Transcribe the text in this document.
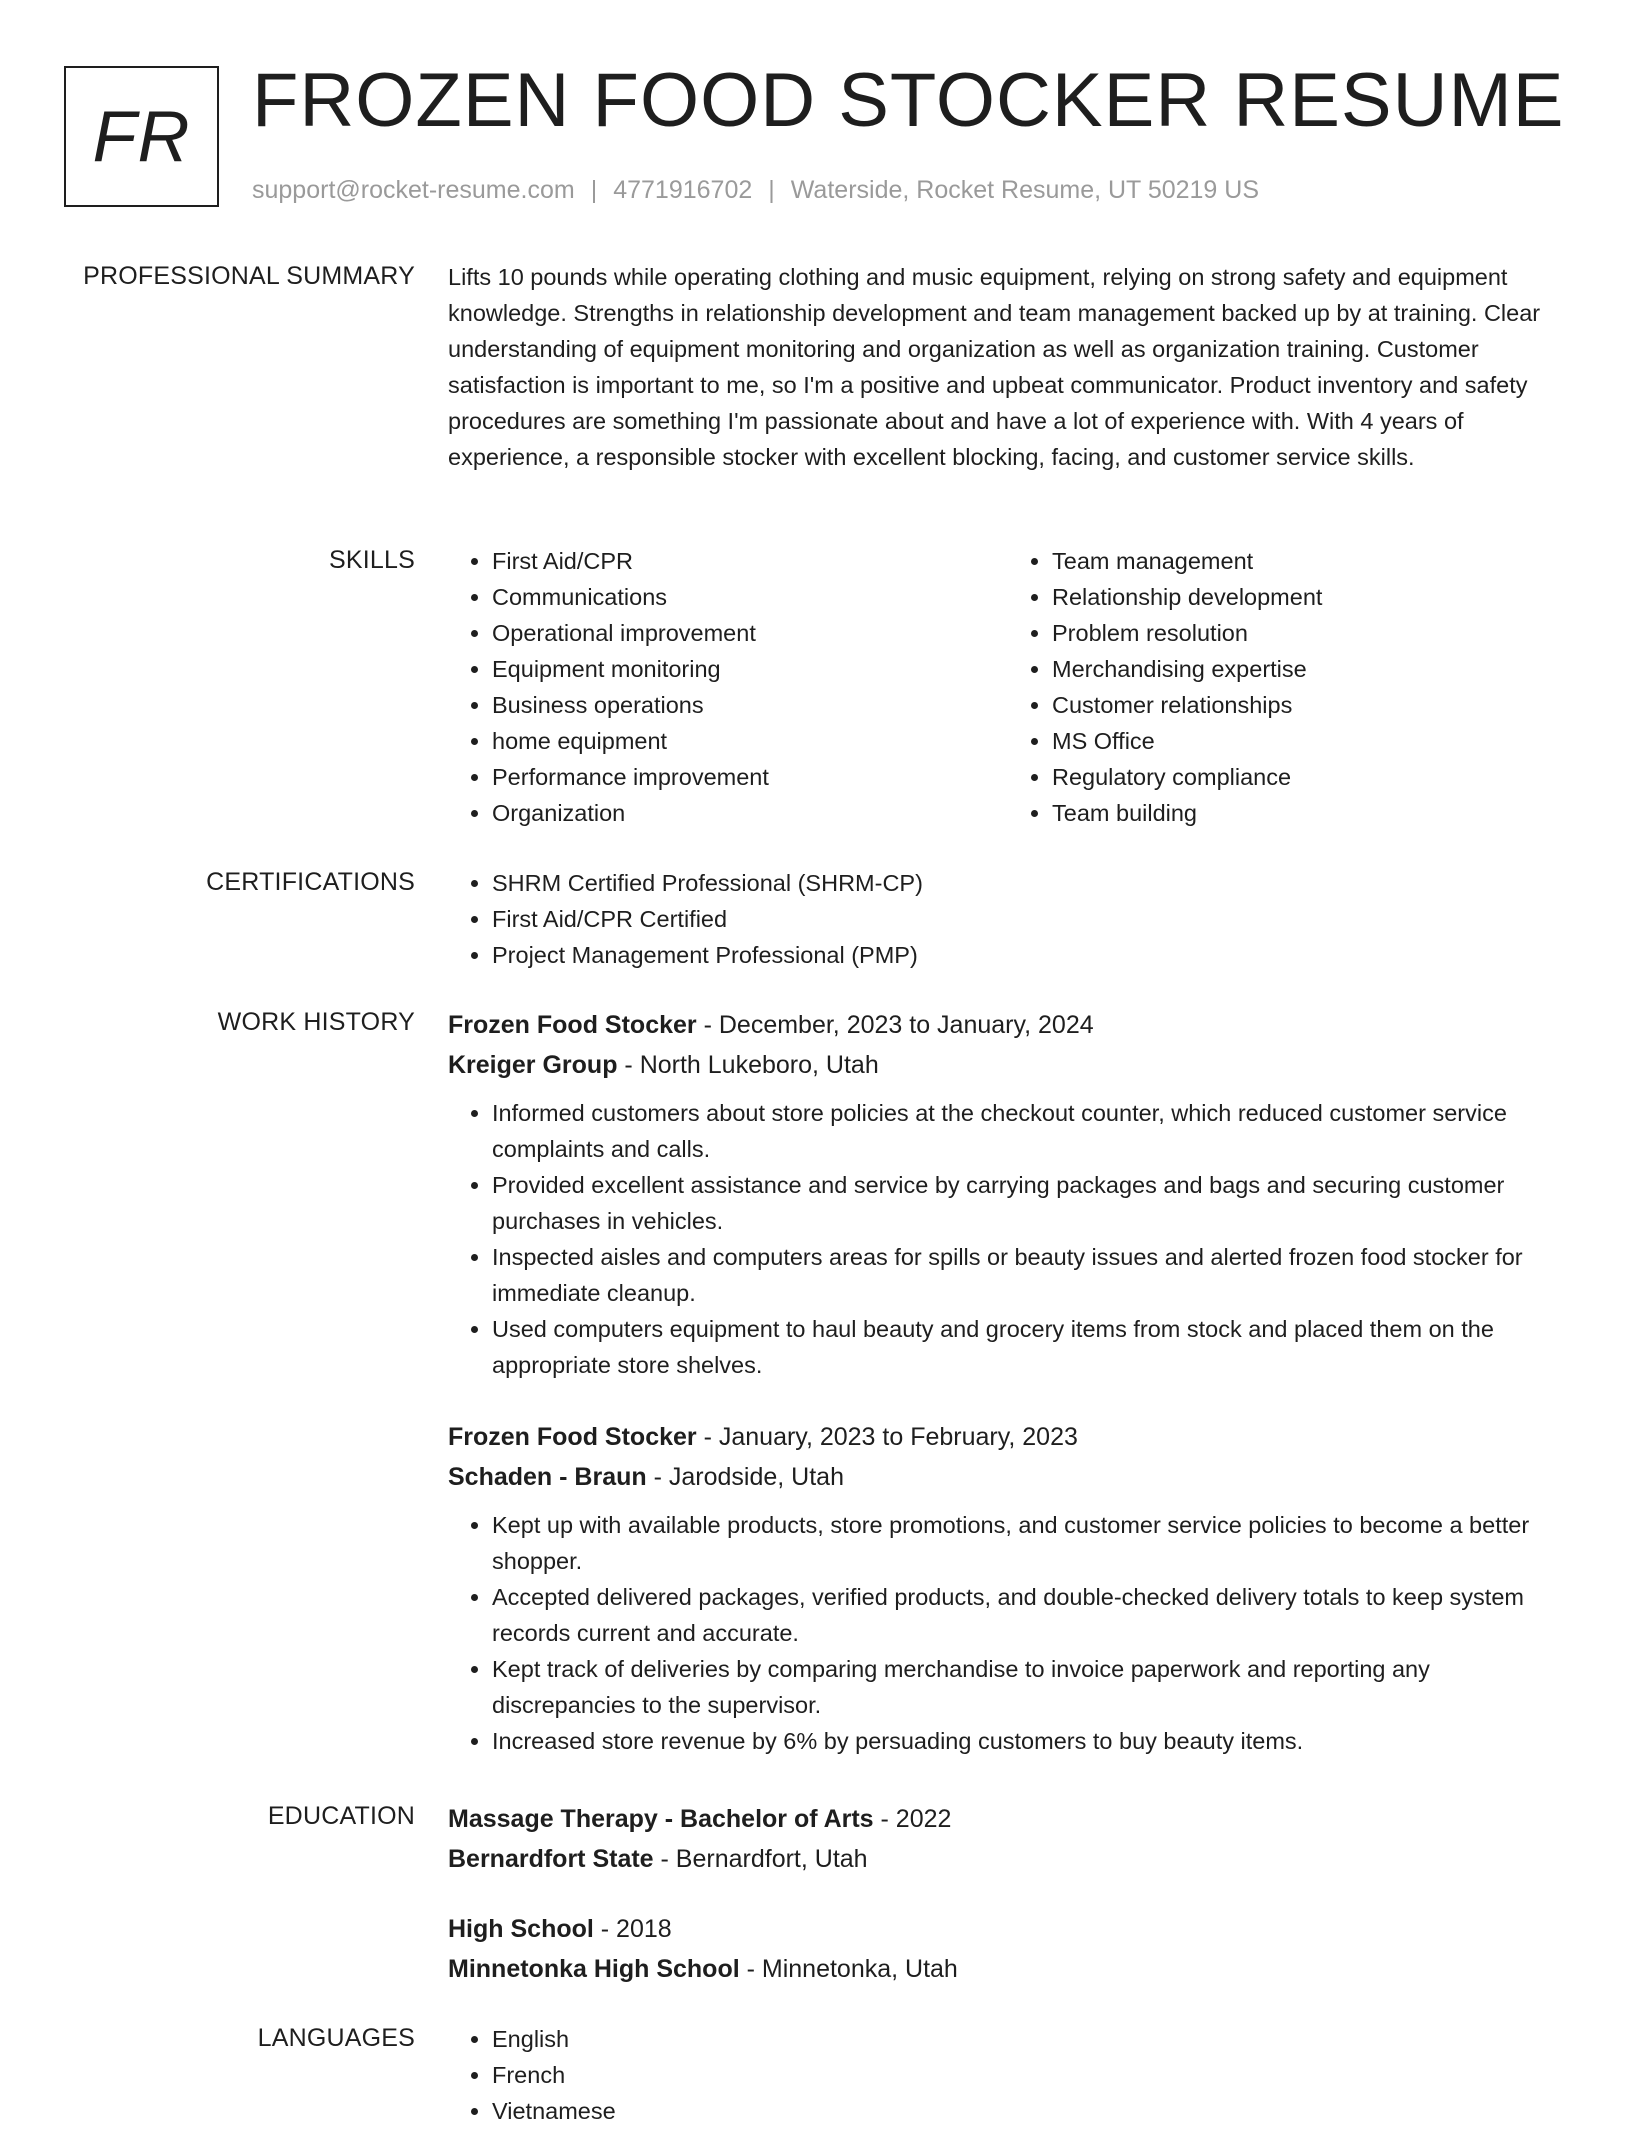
FR FROZEN FOOD STOCKER RESUME
support@rocket-resume.com | 4771916702 | Waterside, Rocket Resume, UT 50219 US
PROFESSIONAL SUMMARY Lifts 10 pounds while operating clothing and music equipment, relying on strong safety and equipment knowledge. Strengths in relationship development and team management backed up by at training. Clear understanding of equipment monitoring and organization as well as organization training. Customer satisfaction is important to me, so I'm a positive and upbeat communicator. Product inventory and safety procedures are something I'm passionate about and have a lot of experience with. With 4 years of experience, a responsible stocker with excellent blocking, facing, and customer service skills.

SKILLS	• First Aid/CPR
• Communications
• Operational improvement
• Equipment monitoring
• Business operations
• home equipment
• Performance improvement
• Organization
• Team management
• Relationship development
• Problem resolution
• Merchandising expertise
• Customer relationships
• MS Office
• Regulatory compliance
• Team building
CERTIFICATIONS	• SHRM Certified Professional (SHRM-CP)
• First Aid/CPR Certified
• Project Management Professional (PMP)
WORK HISTORY Frozen Food Stocker - December, 2023 to January, 2024
Kreiger Group - North Lukeboro, Utah
• Informed customers about store policies at the checkout counter, which reduced customer service complaints and calls.
• Provided excellent assistance and service by carrying packages and bags and securing customer purchases in vehicles.
• Inspected aisles and computers areas for spills or beauty issues and alerted frozen food stocker for immediate cleanup.
• Used computers equipment to haul beauty and grocery items from stock and placed them on the appropriate store shelves.
Frozen Food Stocker - January, 2023 to February, 2023
Schaden - Braun - Jarodside, Utah
• Kept up with available products, store promotions, and customer service policies to become a better shopper.
• Accepted delivered packages, verified products, and double-checked delivery totals to keep system records current and accurate.
• Kept track of deliveries by comparing merchandise to invoice paperwork and reporting any discrepancies to the supervisor.
• Increased store revenue by 6% by persuading customers to buy beauty items.
EDUCATION Massage Therapy - Bachelor of Arts - 2022
Bernardfort State - Bernardfort, Utah
High School - 2018
Minnetonka High School - Minnetonka, Utah
LANGUAGES	• English
• French
• Vietnamese
